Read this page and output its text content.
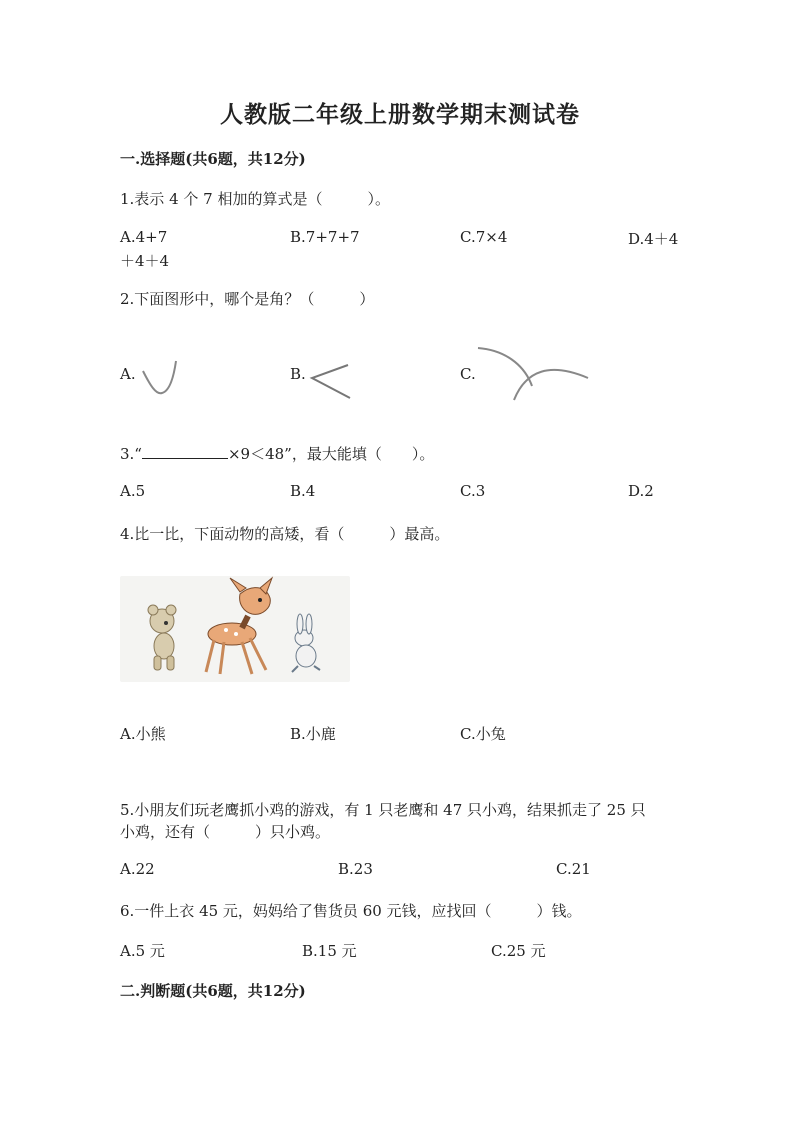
人教版二年级上册数学期末测试卷
一.选择题(共6题，共12分)
1.表示 4 个 7 相加的算式是（　　　）。
A.4+7	B.7+7+7	C.7×4	D.4＋4
＋4＋4
2.下面图形中，哪个是角？（　　　）
A.	B.	C.
3.“	×9＜48”，最大能填（　　）。
A.5	B.4	C.3	D.2
4.比一比，下面动物的高矮，看（　　　）最高。
A.小熊	B.小鹿	C.小兔
5.小朋友们玩老鹰抓小鸡的游戏，有 1 只老鹰和 47 只小鸡，结果抓走了 25 只
小鸡，还有（　　　）只小鸡。
A.22	B.23	C.21
6.一件上衣 45 元，妈妈给了售货员 60 元钱，应找回（　　　）钱。
A.5 元	B.15 元	C.25 元
二.判断题(共6题，共12分)
